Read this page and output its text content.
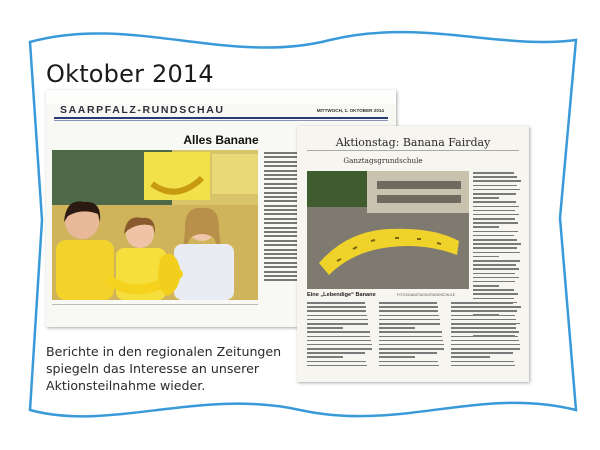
Oktober 2014
SAARPFALZ-RUNDSCHAU	MITTWOCH, 1. OKTOBER 2014
Alles Banane	Aktionstag: Banana Fairday
Ganztagsgrundschule
Eine „Lebendige“ Banane	FOTO/GANZTAGSGRUNDSCHULE
Berichte in den regionalen Zeitungen spiegeln das Interesse an unserer Aktionsteilnahme wieder.
